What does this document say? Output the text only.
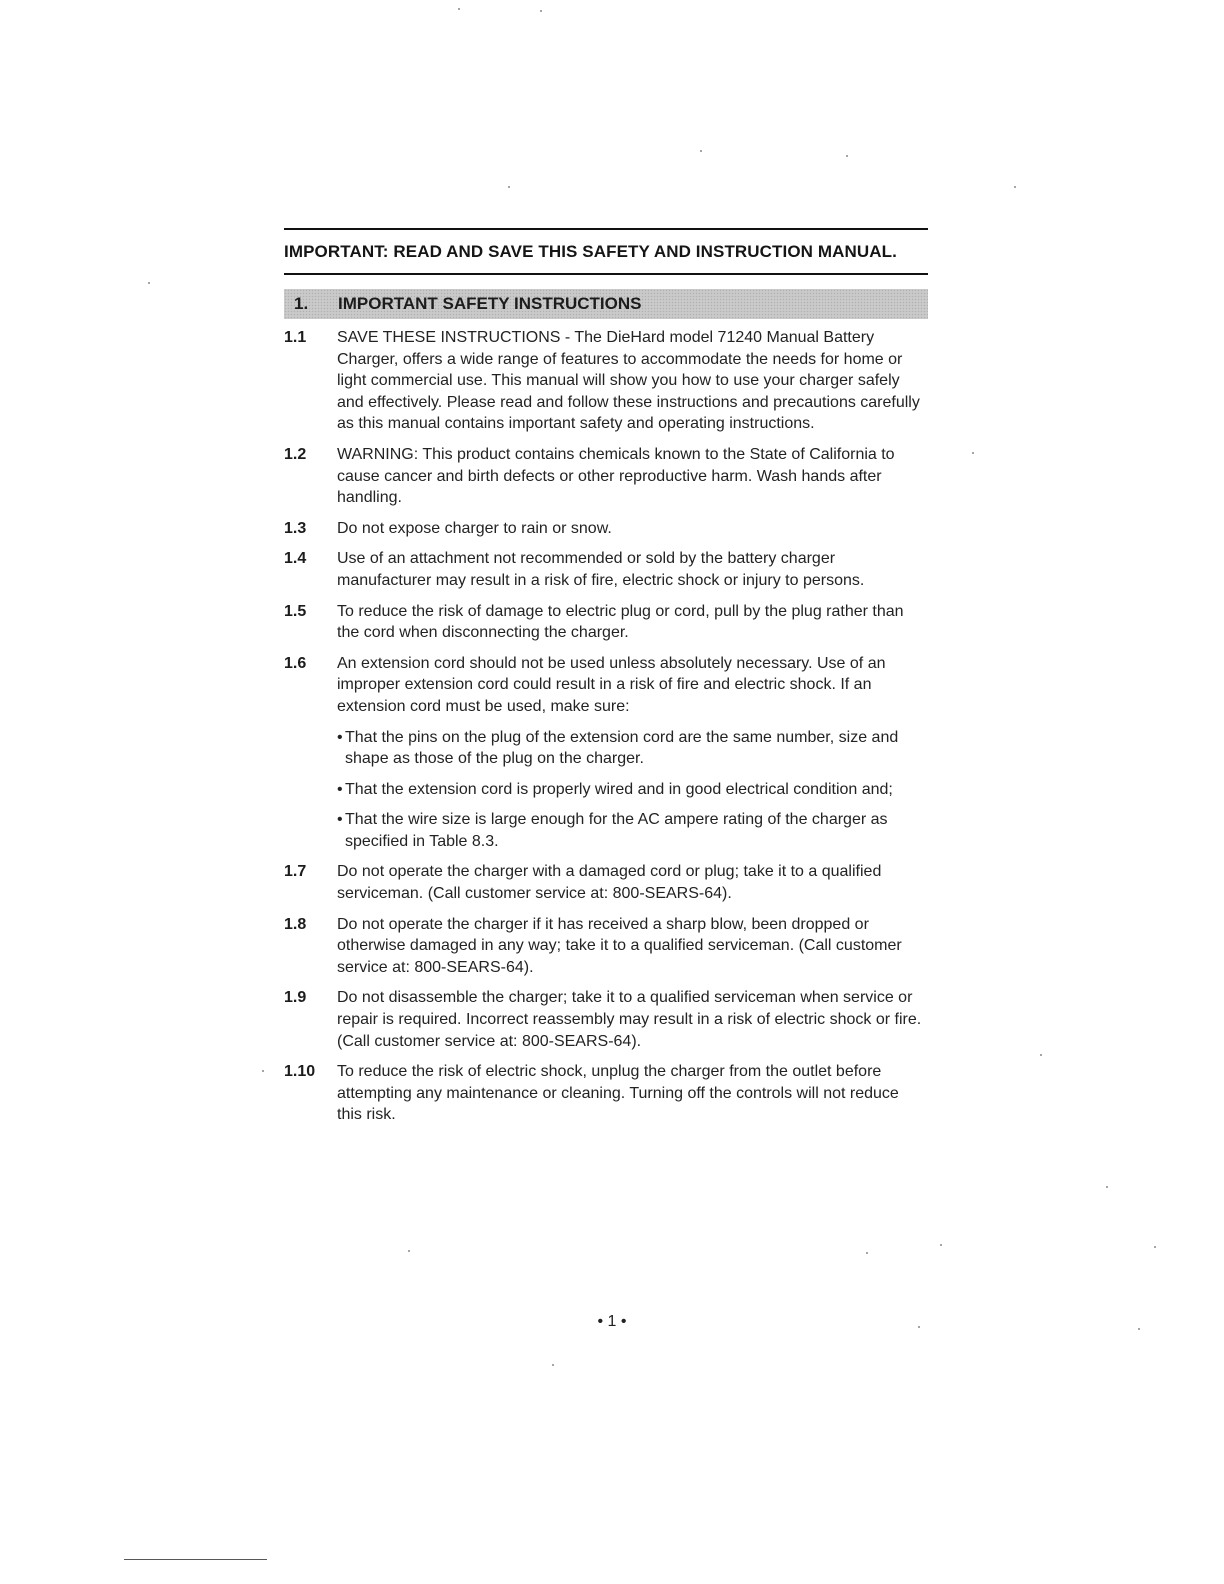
IMPORTANT: READ AND SAVE THIS SAFETY AND INSTRUCTION MANUAL.
1.	IMPORTANT SAFETY INSTRUCTIONS
1.1	SAVE THESE INSTRUCTIONS - The DieHard model 71240 Manual Battery Charger, offers a wide range of features to accommodate the needs for home or light commercial use. This manual will show you how to use your charger safely and effectively. Please read and follow these instructions and precautions carefully as this manual contains important safety and operating instructions.
1.2	WARNING: This product contains chemicals known to the State of California to cause cancer and birth defects or other reproductive harm. Wash hands after handling.
1.3	Do not expose charger to rain or snow.
1.4	Use of an attachment not recommended or sold by the battery charger manufacturer may result in a risk of fire, electric shock or injury to persons.
1.5	To reduce the risk of damage to electric plug or cord, pull by the plug rather than the cord when disconnecting the charger.
1.6	An extension cord should not be used unless absolutely necessary. Use of an improper extension cord could result in a risk of fire and electric shock. If an extension cord must be used, make sure:
• That the pins on the plug of the extension cord are the same number, size and shape as those of the plug on the charger.
• That the extension cord is properly wired and in good electrical condition and;
• That the wire size is large enough for the AC ampere rating of the charger as specified in Table 8.3.
1.7	Do not operate the charger with a damaged cord or plug; take it to a qualified serviceman. (Call customer service at: 800-SEARS-64).
1.8	Do not operate the charger if it has received a sharp blow, been dropped or otherwise damaged in any way; take it to a qualified serviceman. (Call customer service at: 800-SEARS-64).
1.9	Do not disassemble the charger; take it to a qualified serviceman when service or repair is required. Incorrect reassembly may result in a risk of electric shock or fire. (Call customer service at: 800-SEARS-64).
1.10	To reduce the risk of electric shock, unplug the charger from the outlet before attempting any maintenance or cleaning. Turning off the controls will not reduce this risk.
• 1 •
